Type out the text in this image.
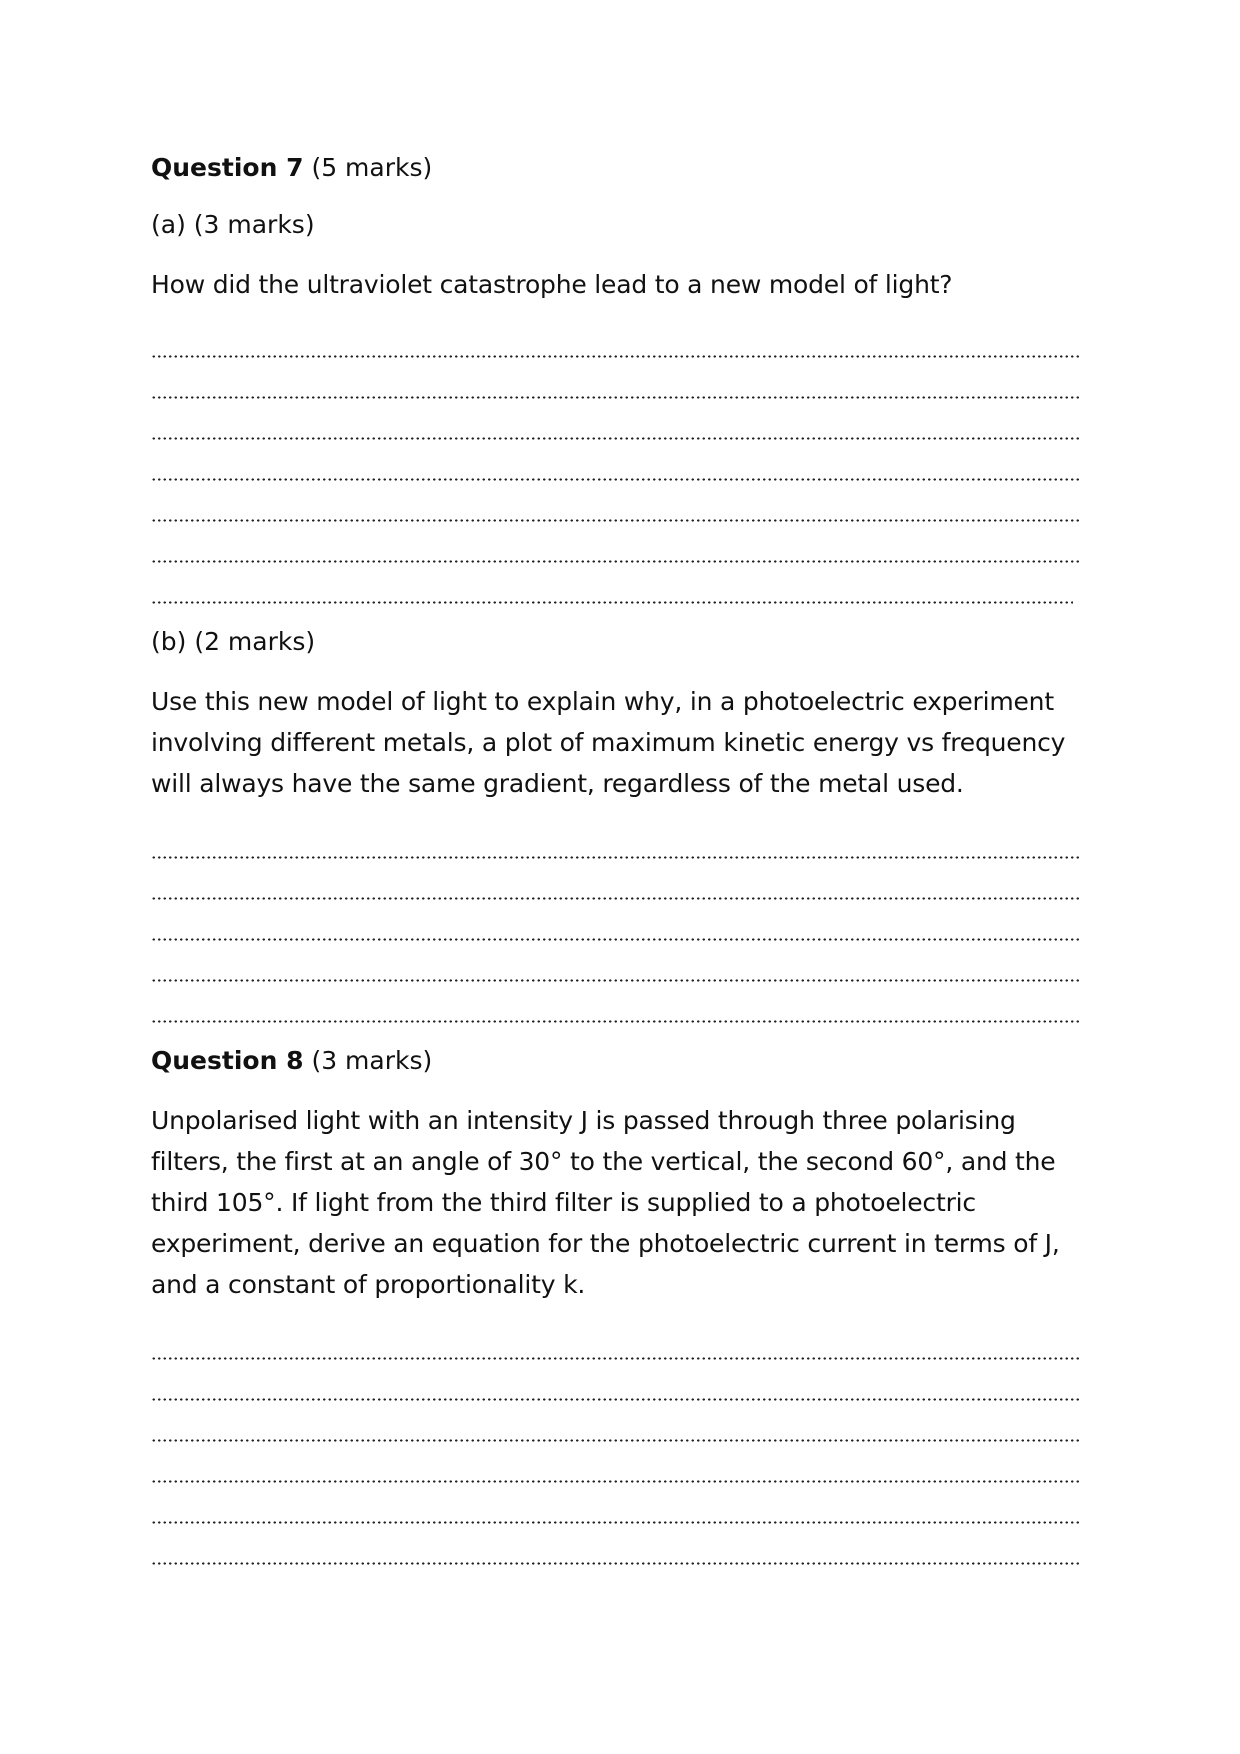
Question 7 (5 marks)
(a) (3 marks)
How did the ultraviolet catastrophe lead to a new model of light?
(b) (2 marks)
Use this new model of light to explain why, in a photoelectric experiment involving different metals, a plot of maximum kinetic energy vs frequency will always have the same gradient, regardless of the metal used.
Question 8 (3 marks)
Unpolarised light with an intensity J is passed through three polarising filters, the first at an angle of 30° to the vertical, the second 60°, and the third 105°. If light from the third filter is supplied to a photoelectric experiment, derive an equation for the photoelectric current in terms of J, and a constant of proportionality k.
